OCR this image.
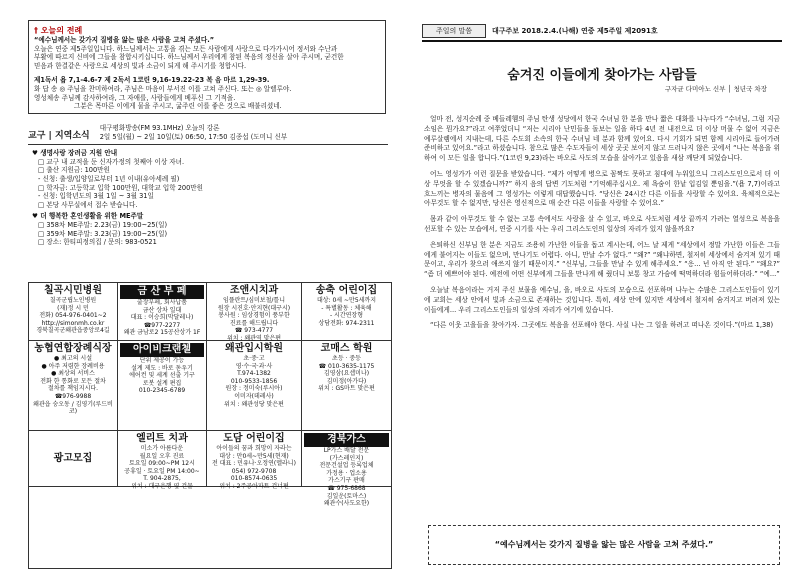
† 오늘의 전례
“예수님께서는 갖가지 질병을 앓는 많은 사람을 고쳐 주셨다.”
오늘은 연중 제5주일입니다. 하느님께서는 고통을 겪는 모든 사람에게 사랑으로 다가가시어 정서와 수난과
부활에 따르지 신비에 그들을 참합시키십니다. 하느님께서 우리에게 참된 복음의 정신을 살아 주시며, 굳건한
믿음과 한결같은 사랑으로 세상의 빛과 소금이 되게 해 주시기를 청합시다.
제1독서 욥 7,1-4.6-7 제 2독서 1코린 9,16-19.22-23 복 음 마르 1,29-39.
화 답 송 ◎ 주님을 찬미하여라, 주님은 마음이 부서진 이를 고쳐 주신다. 또는 ◎ 알렐루야.
영성체송 주님께 감사하여라, 그 자애를, 사람들에게 베푸신 그 기적을.
그분은 목마른 이에게 물을 주시고, 굶주린 이를 좋은 것으로 배불리셨네.
교구 | 지역소식
대구평화방송(FM 93.1MHz) 오늘의 강론
2일 5일(월) ~ 2일 10일(토) 06:50, 17:50 김종섭 (도미니 신부
♥ 생명사랑 장려금 지원 안내
□ 교구 내 교적을 둔 신자가정의 첫째아 이상 자녀.
□ 출산 지원금: 100만원
- 신청: 출생/입양일로부터 1년 이내(유아세례 필)
□ 학자금: 고등학교 입학 100만원, 대학교 입학 200만원
- 신청: 입학년도의 3월 1일 ~ 3월 31일
□ 본당 사무실에서 접수 받습니다.
♥ 더 행복한 혼인생활을 위한 ME주말
□ 358차 ME주말: 2.23(금) 19:00~25(일)
□ 359차 ME주말: 3.23(금) 19:00~25(일)
□ 장소: 한티피정의집 / 문의: 983-0521
칠곡시민병원
칠곡군립노인병원
(재)정 시 민
전화) 054-976-0401~2
http://simonmh.co.kr
경북칠곡군왜관읍중앙로4길
금 산 부 페
출장부페, 회사납품
금산 상차 일대
대표 : 이승희(막달레나)
☎977-2277
왜관 금남로2 15공산상가 1F
조앤시치과
임플란트/심미보철/틀니
원장 시진호·안지현(대구시)
봉사원 : 임상경험이 풍부한
진료를 해드립니다
☎ 973-4777
위치 : 왜관역 맞은편
송축 어린이집
대상: 0세 ~만5세까지
- 특별활동 : 체육해
- 시간연장형
상담전화: 974-2311
농협연합장례식장
● 최고의 시설
● 아주 저렴한 장례비용
● 최상의 서비스
전화 한 통화로 모든 절차
절차를 책임지시다.
☎976-9988
왜관읍 숭오동 / 김영기(루드비코)
아이비크랜첼
단위 제공이 가능
설계 제도 : 바로 돋우기
에어컨 및 세계 선출 기구
로봇 설계 편집
010-2345-6789
왜관입시학원
초·중·고
영·수·국·과·사
T.974-1382
010-9533-1856
원장 : 정미숙(루시아)
이미자(데레사)
위치 : 왜관성당 맞은편
코매스 학원
초등 · 중등
☎ 010-3635-1175
김영삼(요셉미나)
김미정(아가다)
위치 : GS마트 맞은편
광고모집
엘리트 치과
미소가 아름다운
월요일 오후 진료
토요일 09:00~PM 12시
공휴일 · 토요일 PM 14:00~
T. 904-2875,
위치 : 대구은행 옆 건물
도담 어린이집
아이들의 꿈과 희망이 자라는
대상 : 만0세~만5세(현재)
전 대표 : 민유나·오정연(멜라니)
054) 972-9708
010-8574-0635
위치 : 2주공아파트 건너편
경북가스
LP가스 배달 전문
(가스레인지)
전문건설업 등록업체
가정용 · 업소용
가스기구 판매
☎ 975-6868
김일운(토마스)
왜관수(사도요한)
주일의 말씀	대구주보 2018.2.4.(나해) 연중 제5주일 제2091호
숨겨진 이들에게 찾아가는 사람들
구자균 다미아노 신부 │ 청년국 차장

얼마 전, 성지순례 중 베들레헴의 주님 탄생 성당에서 한국 수녀님 한 분을 만나 짧은 대화를 나누다가 “수녀님, 그럼 지금 소임은 뭔가요?”라고 여쭈었더니 “저는 시리아 난민들을 돌보는 일을 하다 4년 전 내전으로 더 이상 머물 수 없어 지금은 예루살렘에서 지내는데, 다른 수도회 소속의 한국 수녀님 네 분과 함께 있어요. 다시 기회가 되면 함께 시리아로 들어가려 준비하고 있어요.”라고 하셨습니다. 참으로 많은 수도자들이 세상 곳곳 보이지 않고 드러나지 않은 곳에서 “나는 복음을 위하여 이 모든 일을 합니다.”(1코린 9,23)라는 바오로 사도의 모습을 살아가고 있음을 새삼 깨닫게 되었습니다.

어느 영성가가 이런 질문을 받았습니다. “제가 어떻게 병으로 꼼짝도 못하고 침대에 누워있으니 그리스도인으로서 더 이상 무엇을 할 수 있겠습니까?” 하지 음의 답변 기도처럼 “기억해주십시오. 제 욕숨이 한낱 입김일 뿐임을.”(욥 7,7)이라고 흐느끼는 병자의 물음에 그 영성가는 이렇게 대답했습니다. “당신은 24시간 다른 이들을 사랑할 수 있어요. 육체적으로는 아무것도 할 수 없지만, 당신은 영신적으로 매 순간 다른 이들을 사랑할 수 있어요.”

몸과 같이 아무것도 할 수 없는 고통 속에서도 사랑을 살 수 있고, 바오로 사도처럼 세상 끝까지 가려는 열성으로 복음을 선포할 수 있는 모습에서, 연중 시기를 사는 우리 그리스도인의 일상의 자리가 있지 않을까요?

은퇴하신 신부님 한 분은 지금도 조용히 가난한 이들을 돕고 계시는데, 어느 날 제게 “세상에서 정말 가난한 이들은 그들에게 불어지는 이들도 없으며, 만나기도 어렵다. 아니, 만날 수가 없다.” “왜?” “왜냐하면, 철저히 세상에서 숨겨져 있기 때문이고, 우리가 찾으러 애쓰지 않기 때문이지.” “신부님, 그들을 만날 수 있게 해주세요.” “응... 넌 아직 안 된다.” “왜요?” “좀 더 예쁘어야 된다. 예전에 어떤 신부에게 그들을 만나게 해 줬더니 보통 창고 가슴에 떡먹하더라 힘들어하더라.” “예...”

오늘날 복음이라는 거저 주신 보물을 예수님, 을, 바오로 사도의 모습으로 선포하며 나누는 수많은 그리스도인들이 있기에 교회는 세상 안에서 빛과 소금으로 존재하는 것입니다. 특히, 세상 안에 있지만 세상에서 철저히 숨겨지고 버려져 있는 이들에게... 우리 그리스도인들의 일상의 자리가 여기에 있습니다.

“다른 이웃 고을들을 찾아가자. 그곳에도 복음을 선포해야 한다. 사실 나는 그 일을 하려고 떠나온 것이다.”(마르 1,38)

“예수님께서는 갖가지 질병을 앓는 많은 사람을 고쳐 주셨다.”
